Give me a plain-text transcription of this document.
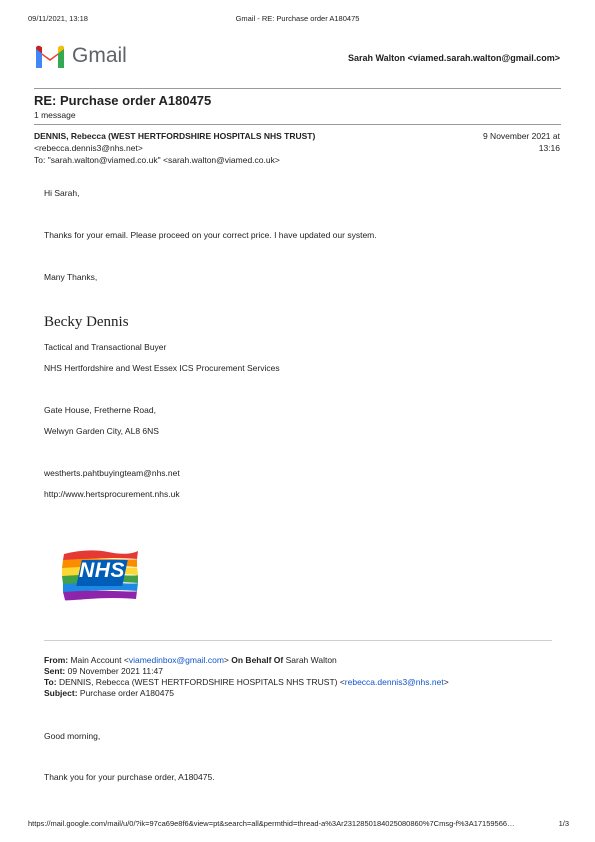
09/11/2021, 13:18	Gmail - RE: Purchase order A180475
Gmail	Sarah Walton <viamed.sarah.walton@gmail.com>
RE: Purchase order A180475
1 message
DENNIS, Rebecca (WEST HERTFORDSHIRE HOSPITALS NHS TRUST)
<rebecca.dennis3@nhs.net>
To: "sarah.walton@viamed.co.uk" <sarah.walton@viamed.co.uk>
9 November 2021 at
13:16
Hi Sarah,
Thanks for your email. Please proceed on your correct price. I have updated our system.
Many Thanks,
Becky Dennis
Tactical and Transactional Buyer
NHS Hertfordshire and West Essex ICS Procurement Services
Gate House, Fretherne Road,
Welwyn Garden City, AL8 6NS
westherts.pahtbuyingteam@nhs.net
http://www.hertsprocurement.nhs.uk
NHS
From: Main Account <viamedinbox@gmail.com> On Behalf Of Sarah Walton
Sent: 09 November 2021 11:47
To: DENNIS, Rebecca (WEST HERTFORDSHIRE HOSPITALS NHS TRUST) <rebecca.dennis3@nhs.net>
Subject: Purchase order A180475
Good morning,
Thank you for your purchase order, A180475.
https://mail.google.com/mail/u/0/?ik=97ca69e8f6&view=pt&search=all&permthid=thread-a%3Ar2312850184025080860%7Cmsg-f%3A17159566…	1/3
